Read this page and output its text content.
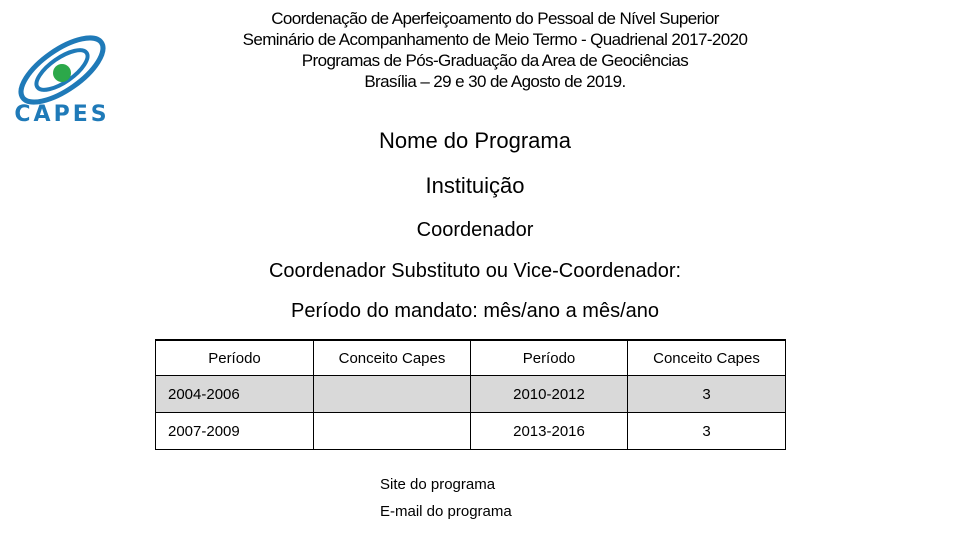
CAPES
Coordenação de Aperfeiçoamento do Pessoal de Nível Superior
Seminário de Acompanhamento de Meio Termo - Quadrienal 2017-2020
Programas de Pós-Graduação da Area de Geociências
Brasília – 29 e 30 de Agosto de 2019.
Nome do Programa
Instituição
Coordenador
Coordenador Substituto ou Vice-Coordenador:
Período do mandato: mês/ano a mês/ano
Período	Conceito Capes	Período	Conceito Capes
2004-2006		2010-2012	3
2007-2009		2013-2016	3
Site do programa
E-mail do programa
